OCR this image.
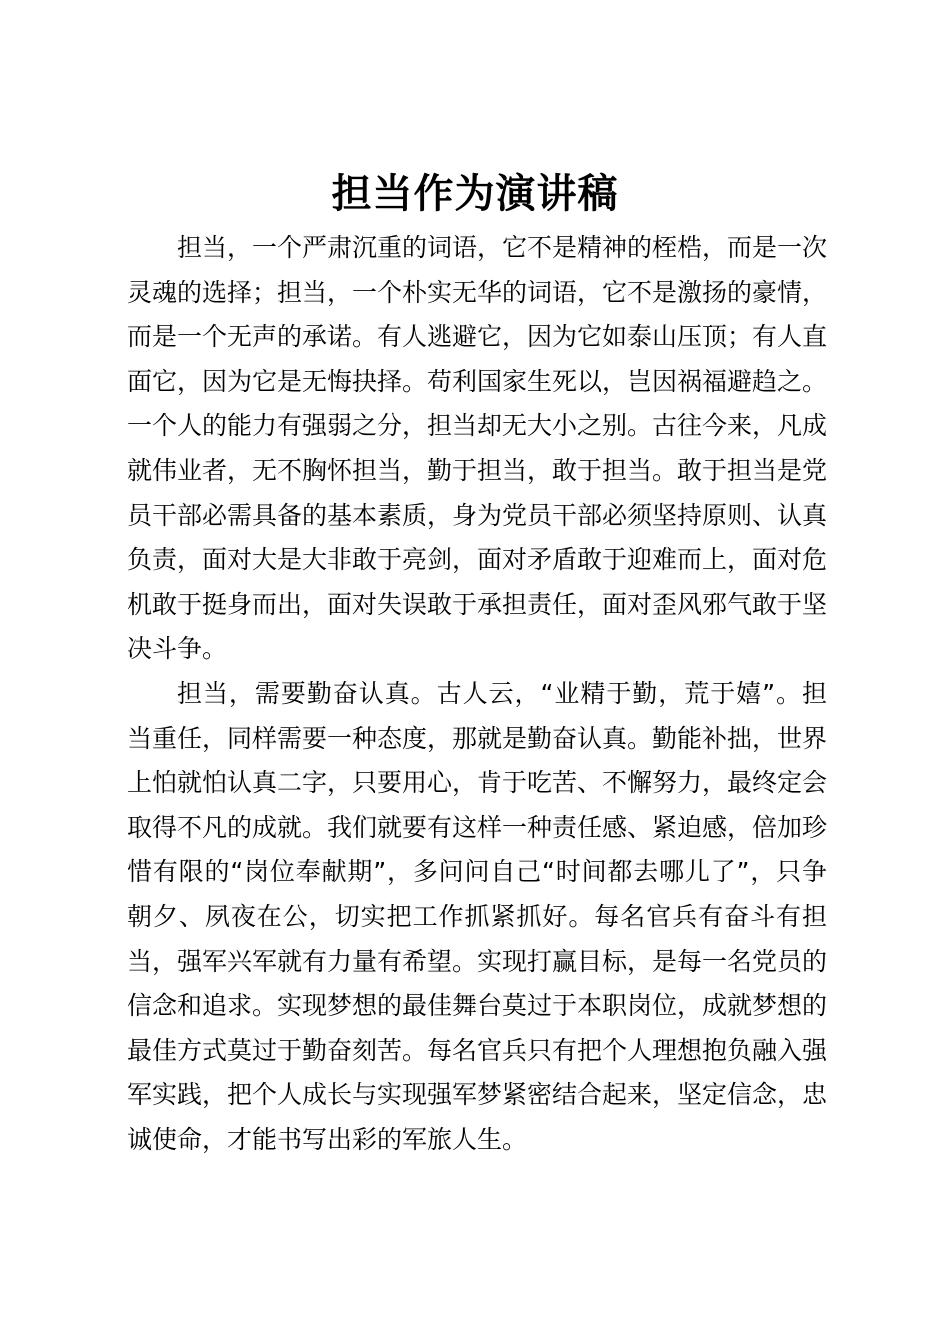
担当作为演讲稿

担当，一个严肃沉重的词语，它不是精神的桎梏，而是一次灵魂的选择；担当，一个朴实无华的词语，它不是激扬的豪情，而是一个无声的承诺。有人逃避它，因为它如泰山压顶；有人直面它，因为它是无悔抉择。苟利国家生死以，岂因祸福避趋之。一个人的能力有强弱之分，担当却无大小之别。古往今来，凡成就伟业者，无不胸怀担当，勤于担当，敢于担当。敢于担当是党员干部必需具备的基本素质，身为党员干部必须坚持原则、认真负责，面对大是大非敢于亮剑，面对矛盾敢于迎难而上，面对危机敢于挺身而出，面对失误敢于承担责任，面对歪风邪气敢于坚决斗争。

担当，需要勤奋认真。古人云，“业精于勤，荒于嬉”。担当重任，同样需要一种态度，那就是勤奋认真。勤能补拙，世界上怕就怕认真二字，只要用心，肯于吃苦、不懈努力，最终定会取得不凡的成就。我们就要有这样一种责任感、紧迫感，倍加珍惜有限的“岗位奉献期”，多问问自己“时间都去哪儿了”，只争朝夕、夙夜在公，切实把工作抓紧抓好。每名官兵有奋斗有担当，强军兴军就有力量有希望。实现打赢目标，是每一名党员的信念和追求。实现梦想的最佳舞台莫过于本职岗位，成就梦想的最佳方式莫过于勤奋刻苦。每名官兵只有把个人理想抱负融入强军实践，把个人成长与实现强军梦紧密结合起来，坚定信念，忠诚使命，才能书写出彩的军旅人生。
